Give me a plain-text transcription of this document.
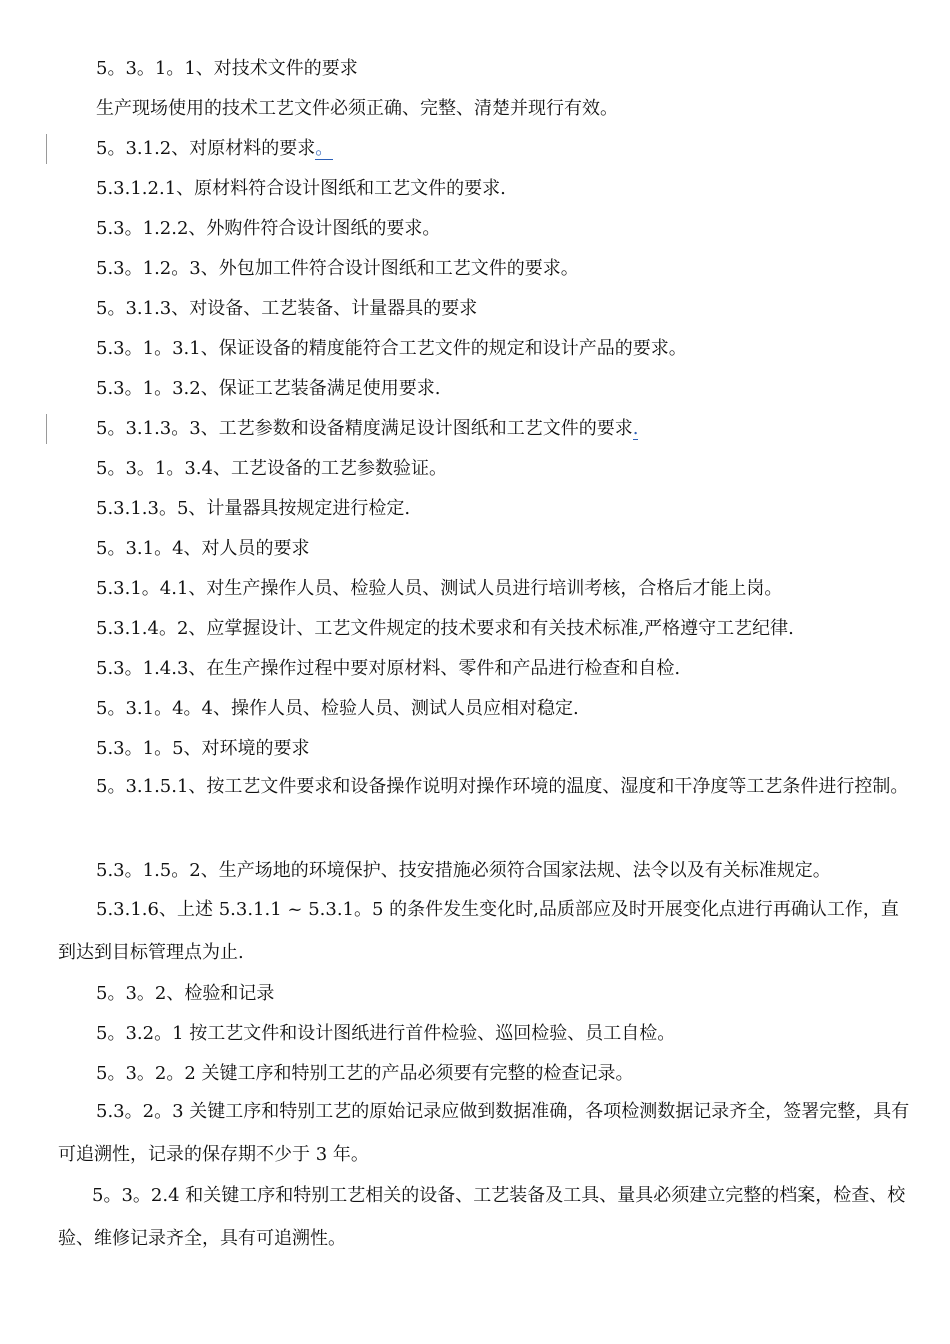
5。3。1。1、对技术文件的要求
生产现场使用的技术工艺文件必须正确、完整、清楚并现行有效。
5。3.1.2、对原材料的要求。
5.3.1.2.1、原材料符合设计图纸和工艺文件的要求.
5.3。1.2.2、外购件符合设计图纸的要求。
5.3。1.2。3、外包加工件符合设计图纸和工艺文件的要求。
5。3.1.3、对设备、工艺装备、计量器具的要求
5.3。1。3.1、保证设备的精度能符合工艺文件的规定和设计产品的要求。
5.3。1。3.2、保证工艺装备满足使用要求.
5。3.1.3。3、工艺参数和设备精度满足设计图纸和工艺文件的要求.
5。3。1。3.4、工艺设备的工艺参数验证。
5.3.1.3。5、计量器具按规定进行检定.
5。3.1。4、对人员的要求
5.3.1。4.1、对生产操作人员、检验人员、测试人员进行培训考核，合格后才能上岗。
5.3.1.4。2、应掌握设计、工艺文件规定的技术要求和有关技术标准,严格遵守工艺纪律.
5.3。1.4.3、在生产操作过程中要对原材料、零件和产品进行检查和自检.
5。3.1。4。4、操作人员、检验人员、测试人员应相对稳定.
5.3。1。5、对环境的要求
5。3.1.5.1、按工艺文件要求和设备操作说明对操作环境的温度、湿度和干净度等工艺条件进行控制。
5.3。1.5。2、生产场地的环境保护、技安措施必须符合国家法规、法令以及有关标准规定。
5.3.1.6、上述 5.3.1.1 ~ 5.3.1。5 的条件发生变化时,品质部应及时开展变化点进行再确认工作，直到达到目标管理点为止.
5。3。2、检验和记录
5。3.2。1 按工艺文件和设计图纸进行首件检验、巡回检验、员工自检。
5。3。2。2 关键工序和特别工艺的产品必须要有完整的检查记录。
5.3。2。3 关键工序和特别工艺的原始记录应做到数据准确，各项检测数据记录齐全，签署完整，具有可追溯性，记录的保存期不少于 3 年。
5。3。2.4 和关键工序和特别工艺相关的设备、工艺装备及工具、量具必须建立完整的档案，检查、校验、维修记录齐全，具有可追溯性。
